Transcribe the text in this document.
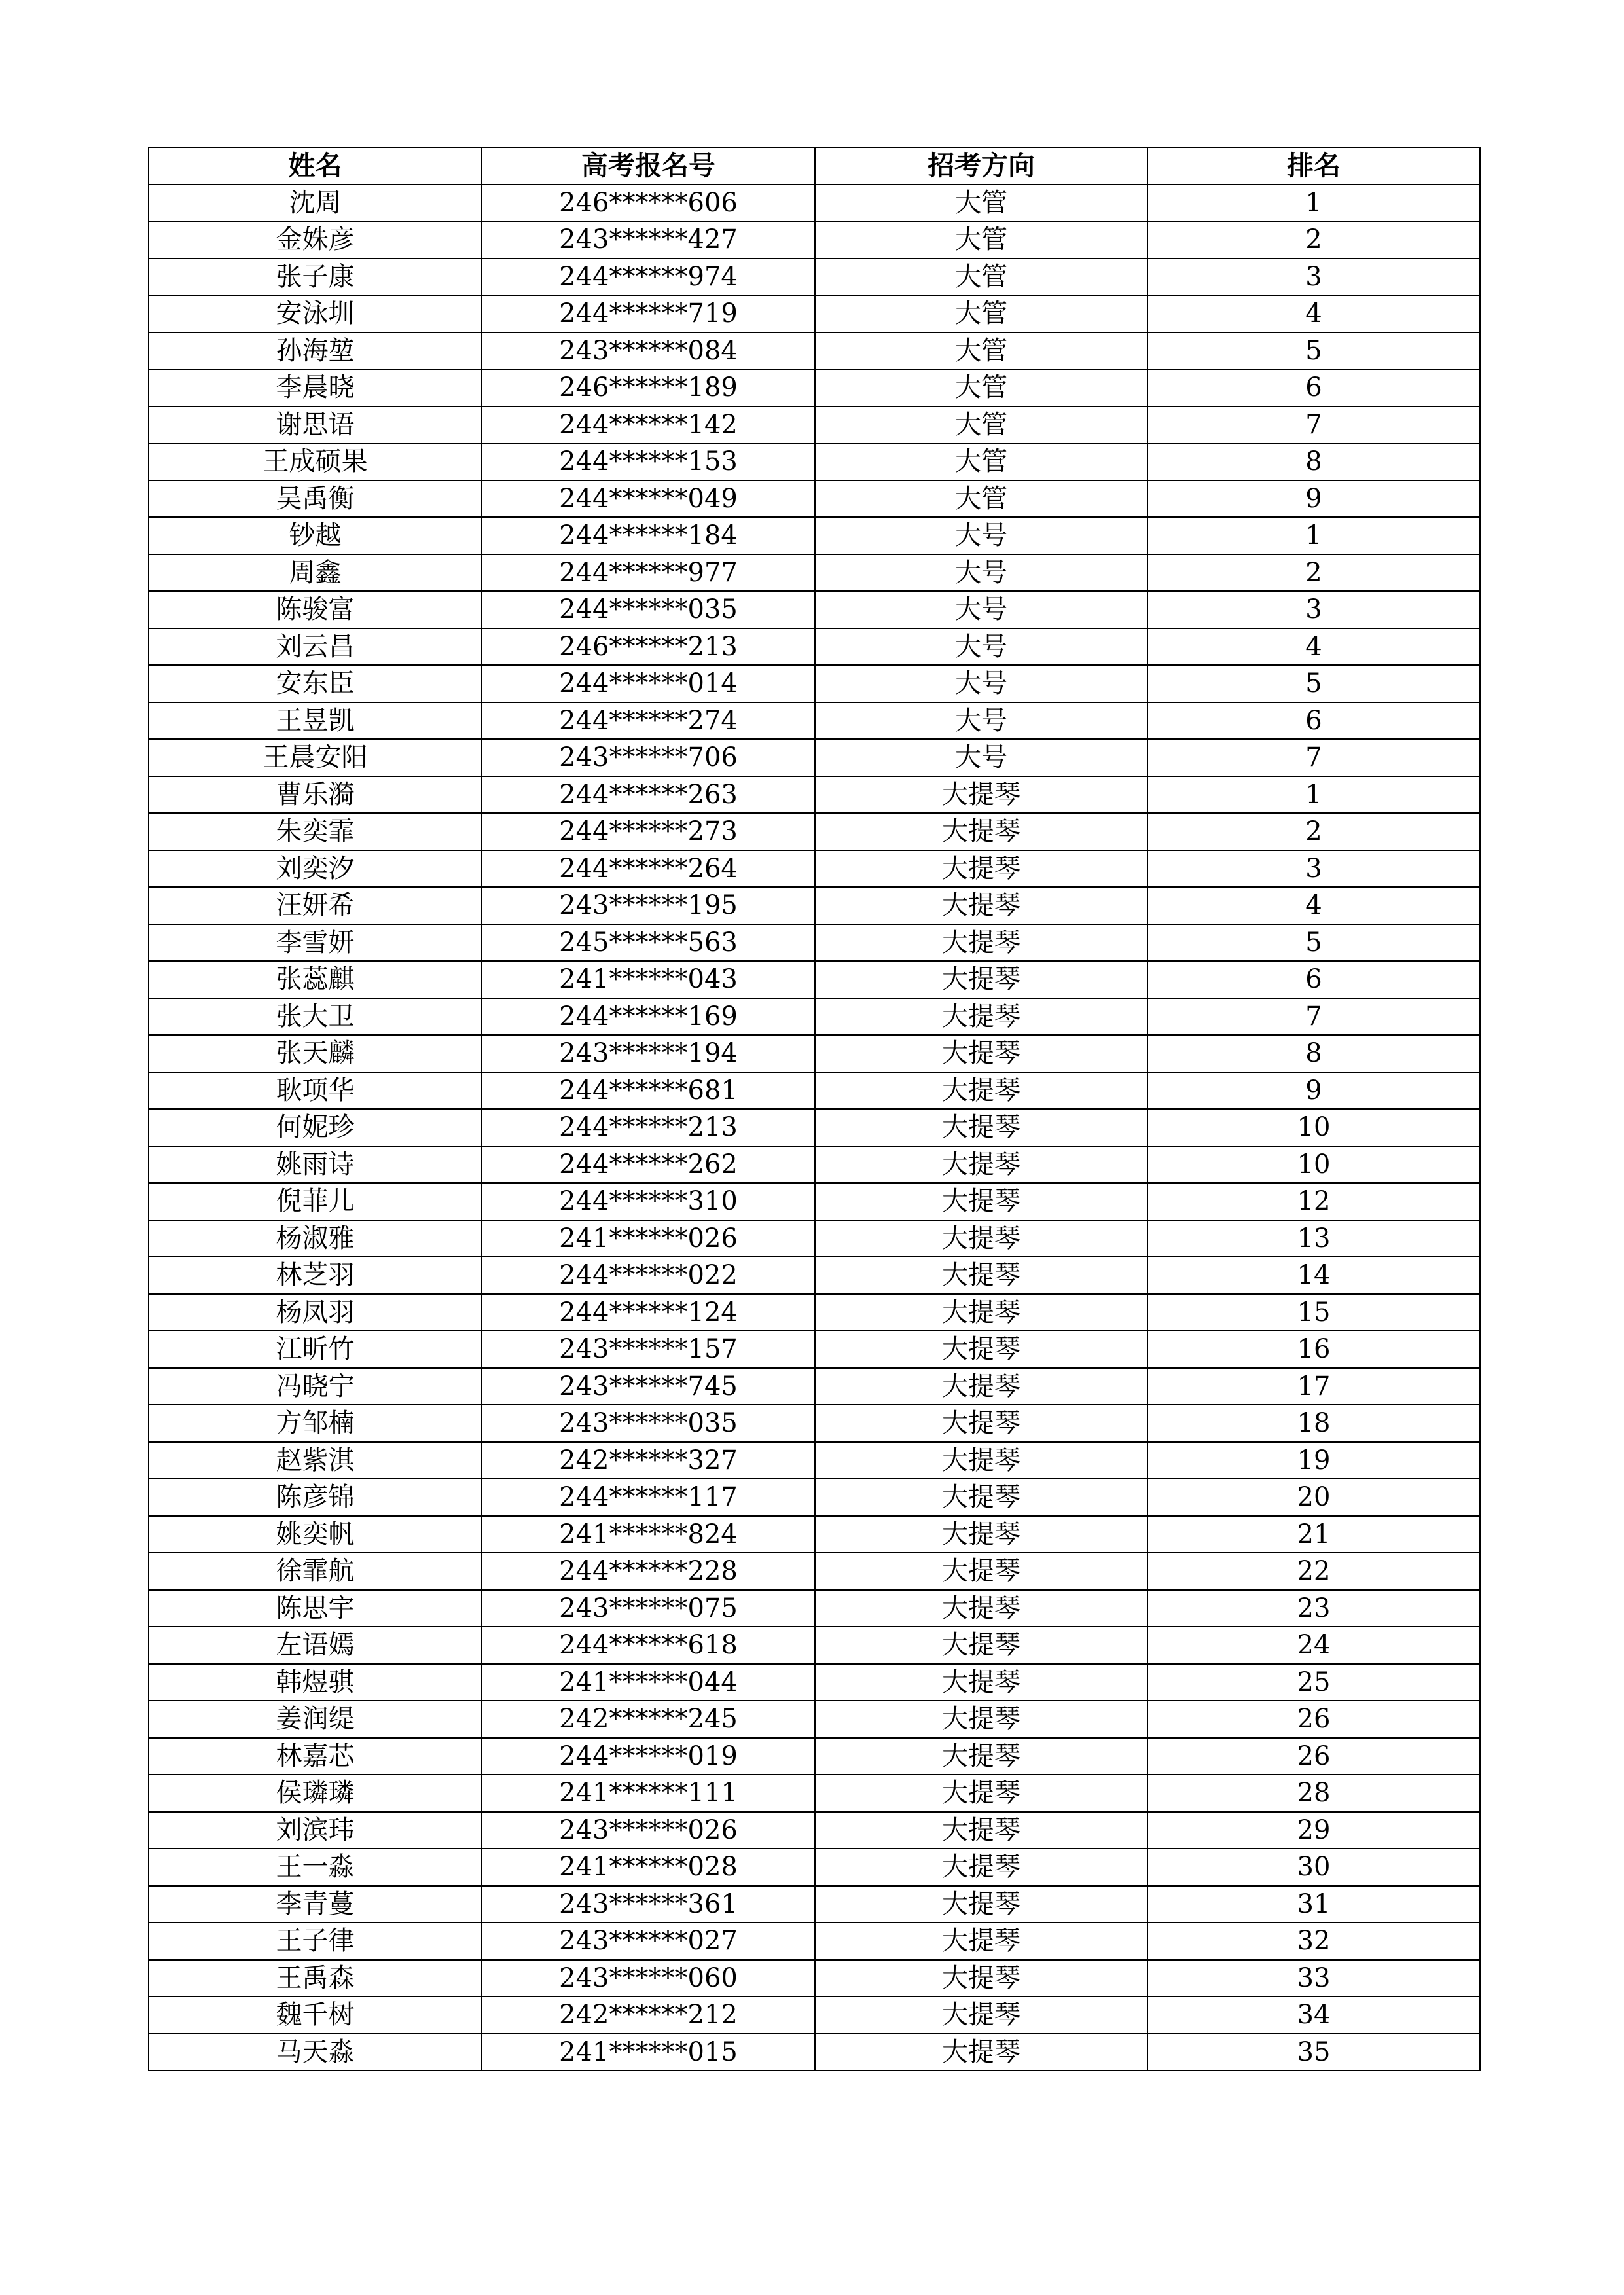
姓名	高考报名号	招考方向	排名
沈周	246******606	大管	1
金姝彦	243******427	大管	2
张子康	244******974	大管	3
安泳圳	244******719	大管	4
孙海堃	243******084	大管	5
李晨晓	246******189	大管	6
谢思语	244******142	大管	7
王成硕果	244******153	大管	8
吴禹衡	244******049	大管	9
钞越	244******184	大号	1
周鑫	244******977	大号	2
陈骏富	244******035	大号	3
刘云昌	246******213	大号	4
安东臣	244******014	大号	5
王昱凯	244******274	大号	6
王晨安阳	243******706	大号	7
曹乐漪	244******263	大提琴	1
朱奕霏	244******273	大提琴	2
刘奕汐	244******264	大提琴	3
汪妍希	243******195	大提琴	4
李雪妍	245******563	大提琴	5
张蕊麒	241******043	大提琴	6
张大卫	244******169	大提琴	7
张天麟	243******194	大提琴	8
耿项华	244******681	大提琴	9
何妮珍	244******213	大提琴	10
姚雨诗	244******262	大提琴	10
倪菲儿	244******310	大提琴	12
杨淑雅	241******026	大提琴	13
林芝羽	244******022	大提琴	14
杨凤羽	244******124	大提琴	15
江昕竹	243******157	大提琴	16
冯晓宁	243******745	大提琴	17
方邹楠	243******035	大提琴	18
赵紫淇	242******327	大提琴	19
陈彦锦	244******117	大提琴	20
姚奕帆	241******824	大提琴	21
徐霏航	244******228	大提琴	22
陈思宇	243******075	大提琴	23
左语嫣	244******618	大提琴	24
韩煜骐	241******044	大提琴	25
姜润缇	242******245	大提琴	26
林嘉芯	244******019	大提琴	26
侯璘璘	241******111	大提琴	28
刘滨玮	243******026	大提琴	29
王一淼	241******028	大提琴	30
李青蔓	243******361	大提琴	31
王子律	243******027	大提琴	32
王禹森	243******060	大提琴	33
魏千树	242******212	大提琴	34
马天淼	241******015	大提琴	35
